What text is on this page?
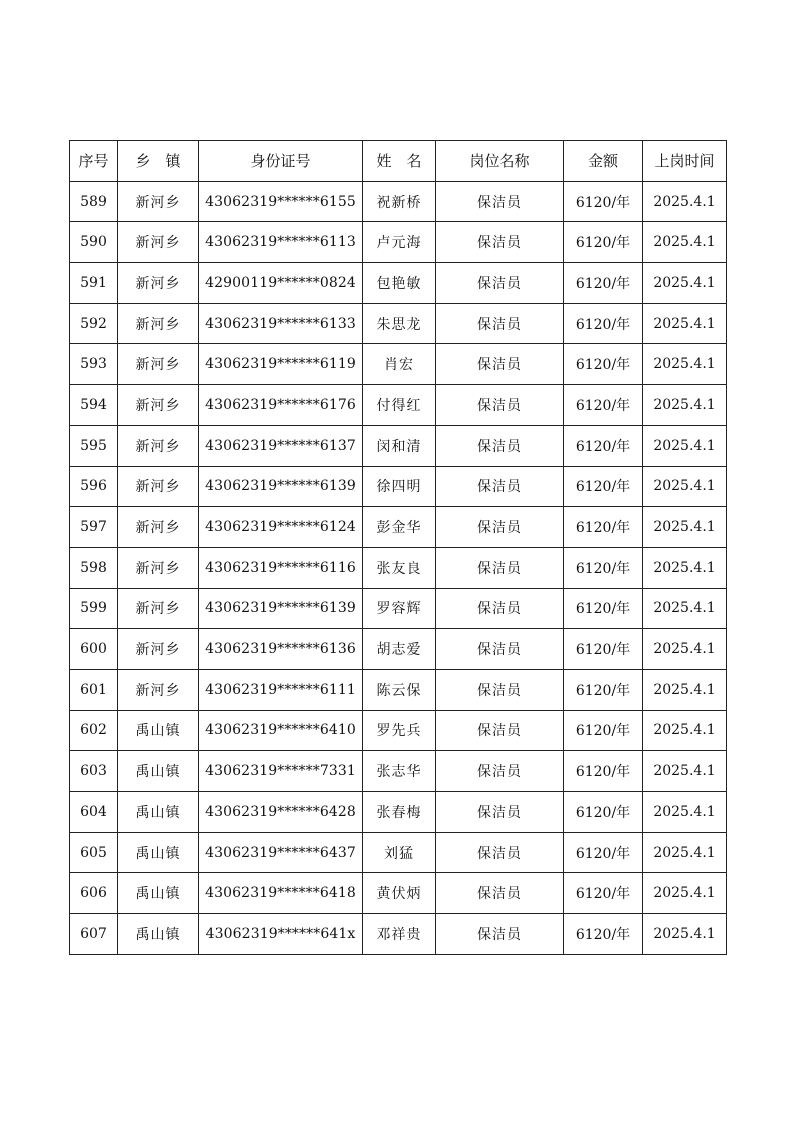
序号	乡　镇	身份证号	姓　名	岗位名称	金额	上岗时间
589	新河乡	43062319******6155	祝新桥	保洁员	6120/年	2025.4.1
590	新河乡	43062319******6113	卢元海	保洁员	6120/年	2025.4.1
591	新河乡	42900119******0824	包艳敏	保洁员	6120/年	2025.4.1
592	新河乡	43062319******6133	朱思龙	保洁员	6120/年	2025.4.1
593	新河乡	43062319******6119	肖宏	保洁员	6120/年	2025.4.1
594	新河乡	43062319******6176	付得红	保洁员	6120/年	2025.4.1
595	新河乡	43062319******6137	闵和清	保洁员	6120/年	2025.4.1
596	新河乡	43062319******6139	徐四明	保洁员	6120/年	2025.4.1
597	新河乡	43062319******6124	彭金华	保洁员	6120/年	2025.4.1
598	新河乡	43062319******6116	张友良	保洁员	6120/年	2025.4.1
599	新河乡	43062319******6139	罗容辉	保洁员	6120/年	2025.4.1
600	新河乡	43062319******6136	胡志爱	保洁员	6120/年	2025.4.1
601	新河乡	43062319******6111	陈云保	保洁员	6120/年	2025.4.1
602	禹山镇	43062319******6410	罗先兵	保洁员	6120/年	2025.4.1
603	禹山镇	43062319******7331	张志华	保洁员	6120/年	2025.4.1
604	禹山镇	43062319******6428	张春梅	保洁员	6120/年	2025.4.1
605	禹山镇	43062319******6437	刘猛	保洁员	6120/年	2025.4.1
606	禹山镇	43062319******6418	黄伏炳	保洁员	6120/年	2025.4.1
607	禹山镇	43062319******641x	邓祥贵	保洁员	6120/年	2025.4.1
